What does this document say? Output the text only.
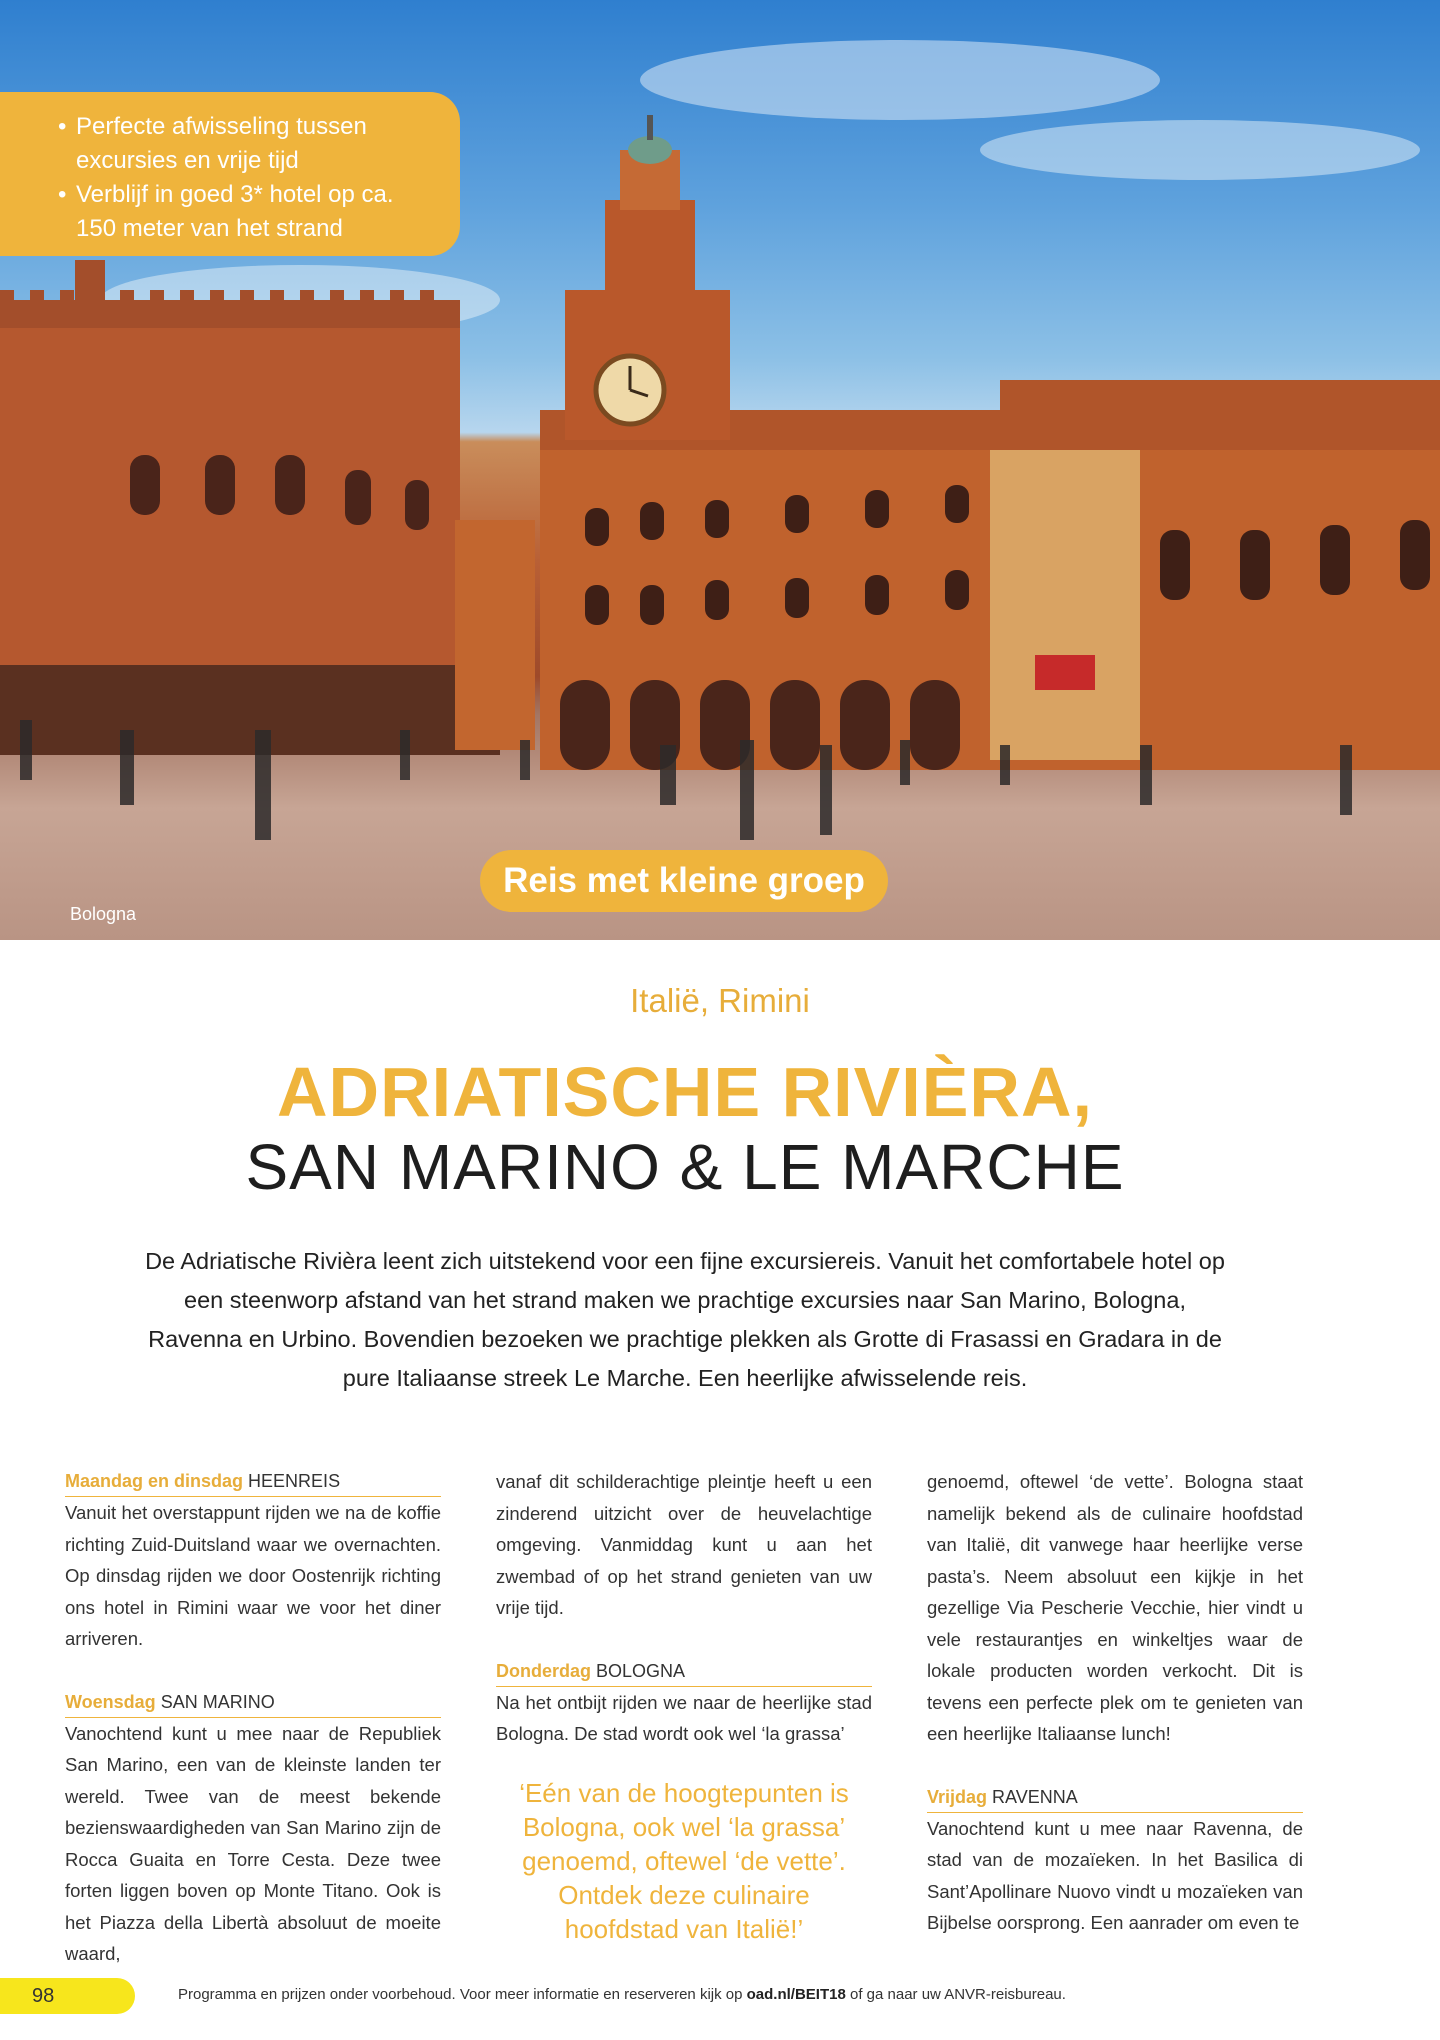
• Perfecte afwisseling tussen excursies en vrije tijd
• Verblijf in goed 3* hotel op ca. 150 meter van het strand
Reis met kleine groep
Bologna
Italië, Rimini
ADRIATISCHE RIVIÈRA,
SAN MARINO & LE MARCHE

De Adriatische Rivièra leent zich uitstekend voor een fijne excursiereis. Vanuit het comfortabele hotel op een steenworp afstand van het strand maken we prachtige excursies naar San Marino, Bologna, Ravenna en Urbino. Bovendien bezoeken we prachtige plekken als Grotte di Frasassi en Gradara in de pure Italiaanse streek Le Marche. Een heerlijke afwisselende reis.

Maandag en dinsdag HEENREIS

Vanuit het overstappunt rijden we na de koffie richting Zuid-Duitsland waar we overnachten. Op dinsdag rijden we door Oostenrijk richting ons hotel in Rimini waar we voor het diner arriveren.

Woensdag SAN MARINO

Vanochtend kunt u mee naar de Republiek San Marino, een van de kleinste landen ter wereld. Twee van de meest bekende bezienswaardigheden van San Marino zijn de Rocca Guaita en Torre Cesta. Deze twee forten liggen boven op Monte Titano. Ook is het Piazza della Libertà absoluut de moeite waard,

vanaf dit schilderachtige pleintje heeft u een zinderend uitzicht over de heuvelachtige omgeving. Vanmiddag kunt u aan het zwembad of op het strand genieten van uw vrije tijd.

Donderdag BOLOGNA

Na het ontbijt rijden we naar de heerlijke stad Bologna. De stad wordt ook wel ‘la grassa’

‘Eén van de hoogtepunten is Bologna, ook wel ‘la grassa’ genoemd, oftewel ‘de vette’. Ontdek deze culinaire hoofdstad van Italië!’

genoemd, oftewel ‘de vette’. Bologna staat namelijk bekend als de culinaire hoofdstad van Italië, dit vanwege haar heerlijke verse pasta’s. Neem absoluut een kijkje in het gezellige Via Pescherie Vecchie, hier vindt u vele restaurantjes en winkeltjes waar de lokale producten worden verkocht. Dit is tevens een perfecte plek om te genieten van een heerlijke Italiaanse lunch!

Vrijdag RAVENNA

Vanochtend kunt u mee naar Ravenna, de stad van de mozaïeken. In het Basilica di Sant’Apollinare Nuovo vindt u mozaïeken van Bijbelse oorsprong. Een aanrader om even te

98	Programma en prijzen onder voorbehoud. Voor meer informatie en reserveren kijk op oad.nl/BEIT18 of ga naar uw ANVR-reisbureau.
